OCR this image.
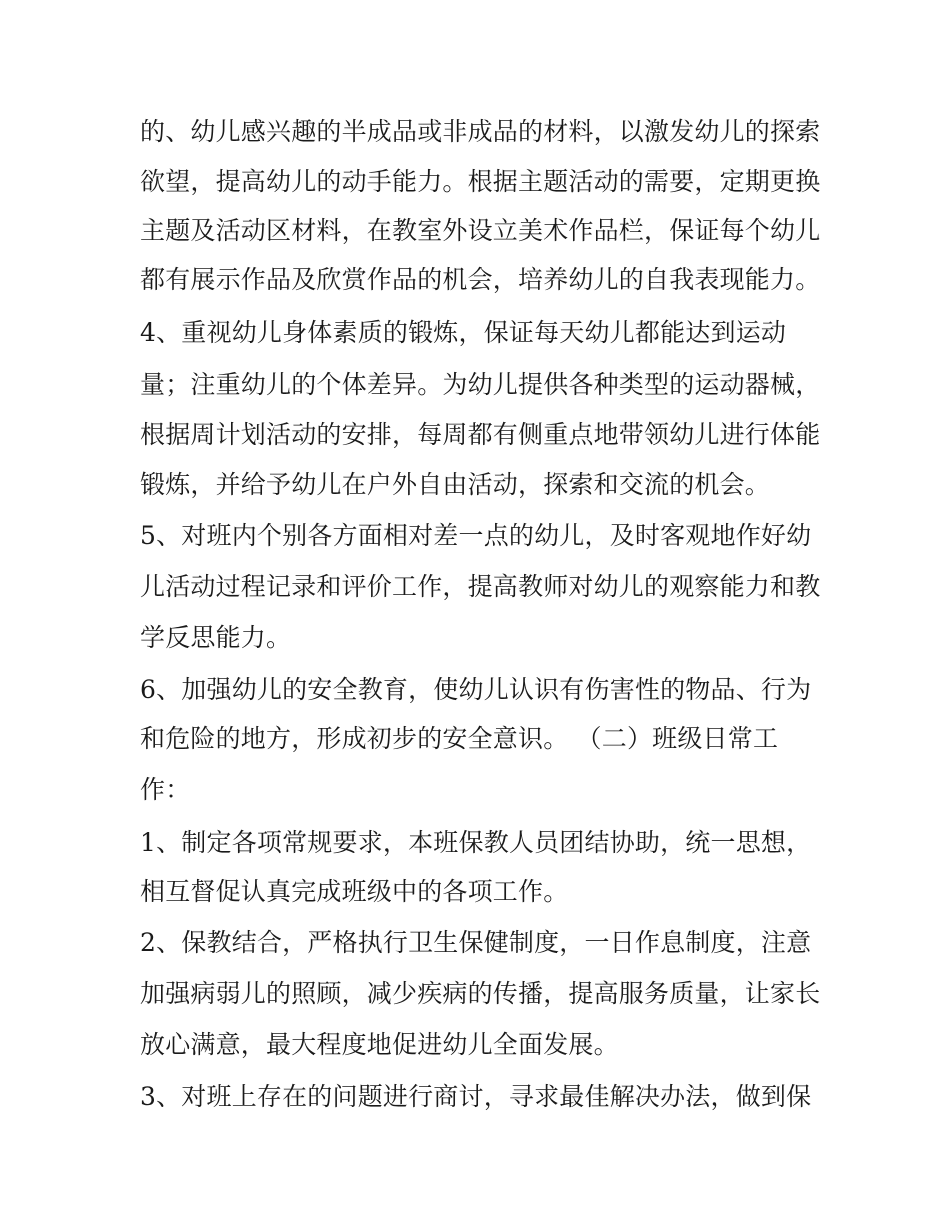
的、幼儿感兴趣的半成品或非成品的材料，以激发幼儿的探索
欲望，提高幼儿的动手能力。根据主题活动的需要，定期更换
主题及活动区材料，在教室外设立美术作品栏，保证每个幼儿
都有展示作品及欣赏作品的机会，培养幼儿的自我表现能力。
4、重视幼儿身体素质的锻炼，保证每天幼儿都能达到运动
量；注重幼儿的个体差异。为幼儿提供各种类型的运动器械，
根据周计划活动的安排，每周都有侧重点地带领幼儿进行体能
锻炼，并给予幼儿在户外自由活动，探索和交流的机会。
5、对班内个别各方面相对差一点的幼儿，及时客观地作好幼
儿活动过程记录和评价工作，提高教师对幼儿的观察能力和教
学反思能力。
6、加强幼儿的安全教育，使幼儿认识有伤害性的物品、行为
和危险的地方，形成初步的安全意识。 （二）班级日常工
作：
1、制定各项常规要求，本班保教人员团结协助，统一思想，
相互督促认真完成班级中的各项工作。
2、保教结合，严格执行卫生保健制度，一日作息制度，注意
加强病弱儿的照顾，减少疾病的传播，提高服务质量，让家长
放心满意，最大程度地促进幼儿全面发展。
3、对班上存在的问题进行商讨，寻求最佳解决办法，做到保
